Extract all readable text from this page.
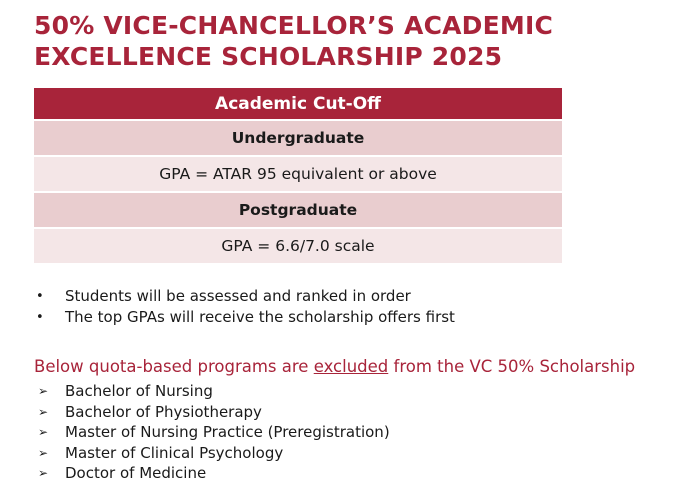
50% VICE-CHANCELLOR’S ACADEMIC EXCELLENCE SCHOLARSHIP 2025
Academic Cut-Off
Undergraduate
GPA = ATAR 95 equivalent or above
Postgraduate
GPA = 6.6/7.0 scale
•	Students will be assessed and ranked in order
•	The top GPAs will receive the scholarship offers first

Below quota-based programs are excluded from the VC 50% Scholarship

➢	Bachelor of Nursing
➢	Bachelor of Physiotherapy
➢	Master of Nursing Practice (Preregistration)
➢	Master of Clinical Psychology
➢	Doctor of Medicine
